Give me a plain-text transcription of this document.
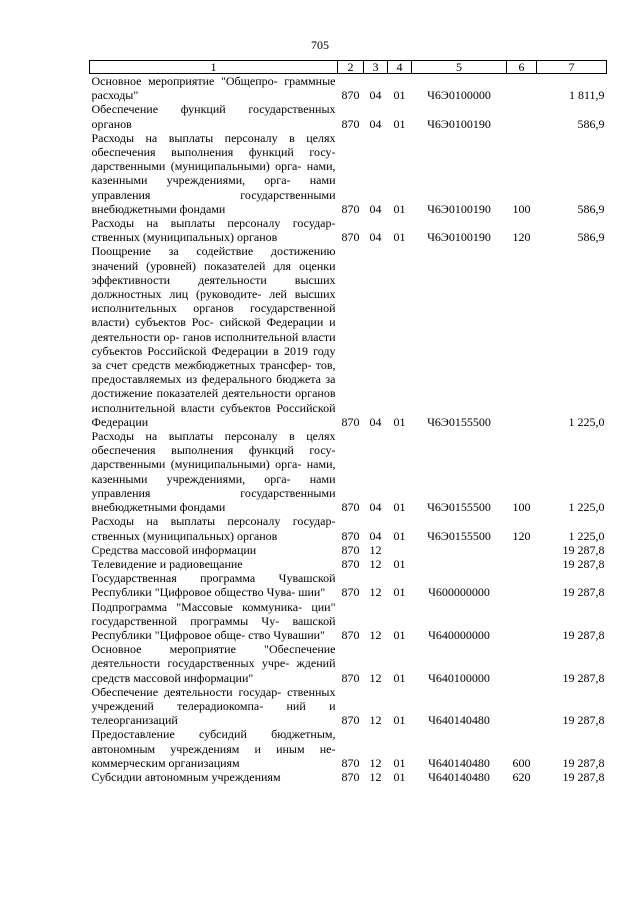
705
1	2	3	4	5	6	7
Основное мероприятие "Общепро- граммные расходы"	870	04	01	Ч6Э0100000		1 811,9
Обеспечение функций государственных органов	870	04	01	Ч6Э0100190		586,9
Расходы на выплаты персоналу в целях обеспечения выполнения функций госу- дарственными (муниципальными) орга- нами, казенными учреждениями, орга- нами управления государственными внебюджетными фондами	870	04	01	Ч6Э0100190	100	586,9
Расходы на выплаты персоналу государ- ственных (муниципальных) органов	870	04	01	Ч6Э0100190	120	586,9
Поощрение за содействие достижению значений (уровней) показателей для оценки эффективности деятельности высших должностных лиц (руководите- лей высших исполнительных органов государственной власти) субъектов Рос- сийской Федерации и деятельности ор- ганов исполнительной власти субъектов Российской Федерации в 2019 году за счет средств межбюджетных трансфер- тов, предоставляемых из федерального бюджета за достижение показателей деятельности органов исполнительной власти субъектов Российской Федерации	870	04	01	Ч6Э0155500		1 225,0
Расходы на выплаты персоналу в целях обеспечения выполнения функций госу- дарственными (муниципальными) орга- нами, казенными учреждениями, орга- нами управления государственными внебюджетными фондами	870	04	01	Ч6Э0155500	100	1 225,0
Расходы на выплаты персоналу государ- ственных (муниципальных) органов	870	04	01	Ч6Э0155500	120	1 225,0
Средства массовой информации	870	12				19 287,8
Телевидение и радиовещание	870	12	01			19 287,8
Государственная программа Чувашской Республики "Цифровое общество Чува- шии"	870	12	01	Ч600000000		19 287,8
Подпрограмма "Массовые коммуника- ции" государственной программы Чу- вашской Республики "Цифровое обще- ство Чувашии"	870	12	01	Ч640000000		19 287,8
Основное мероприятие "Обеспечение деятельности государственных учре- ждений средств массовой информации"	870	12	01	Ч640100000		19 287,8
Обеспечение деятельности государ- ственных учреждений телерадиокомпа- ний и телеорганизаций	870	12	01	Ч640140480		19 287,8
Предоставление субсидий бюджетным, автономным учреждениям и иным не- коммерческим организациям	870	12	01	Ч640140480	600	19 287,8
Субсидии автономным учреждениям	870	12	01	Ч640140480	620	19 287,8
